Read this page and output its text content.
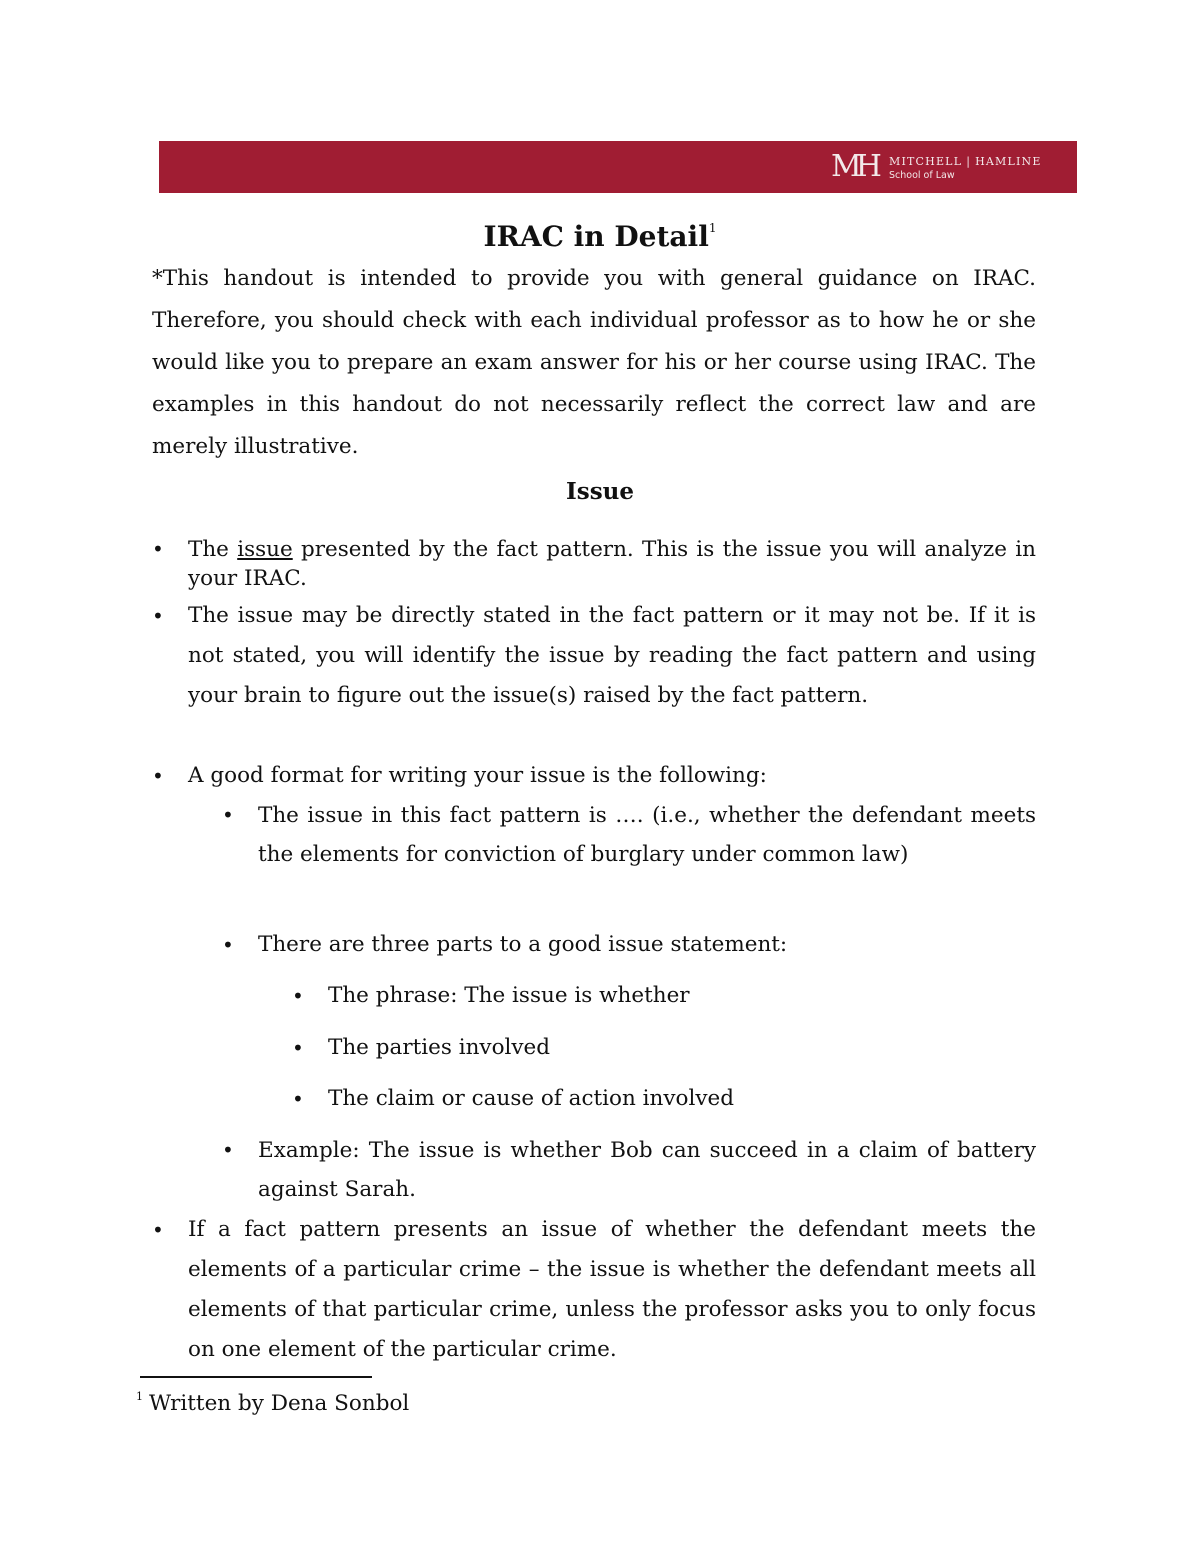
MH MITCHELL | HAMLINE
School of Law
IRAC in Detail$^1$

*This handout is intended to provide you with general guidance on IRAC. Therefore, you should check with each individual professor as to how he or she would like you to prepare an exam answer for his or her course using IRAC. The examples in this handout do not necessarily reflect the correct law and are merely illustrative.

Issue
• The issue presented by the fact pattern. This is the issue you will analyze in your IRAC.
• The issue may be directly stated in the fact pattern or it may not be. If it is not stated, you will identify the issue by reading the fact pattern and using your brain to figure out the issue(s) raised by the fact pattern.
• A good format for writing your issue is the following:
• The issue in this fact pattern is …. (i.e., whether the defendant meets the elements for conviction of burglary under common law)
• There are three parts to a good issue statement:
• The phrase: The issue is whether
• The parties involved
• The claim or cause of action involved
• Example: The issue is whether Bob can succeed in a claim of battery against Sarah.
• If a fact pattern presents an issue of whether the defendant meets the elements of a particular crime – the issue is whether the defendant meets all elements of that particular crime, unless the professor asks you to only focus on one element of the particular crime.
$^1$ Written by Dena Sonbol
